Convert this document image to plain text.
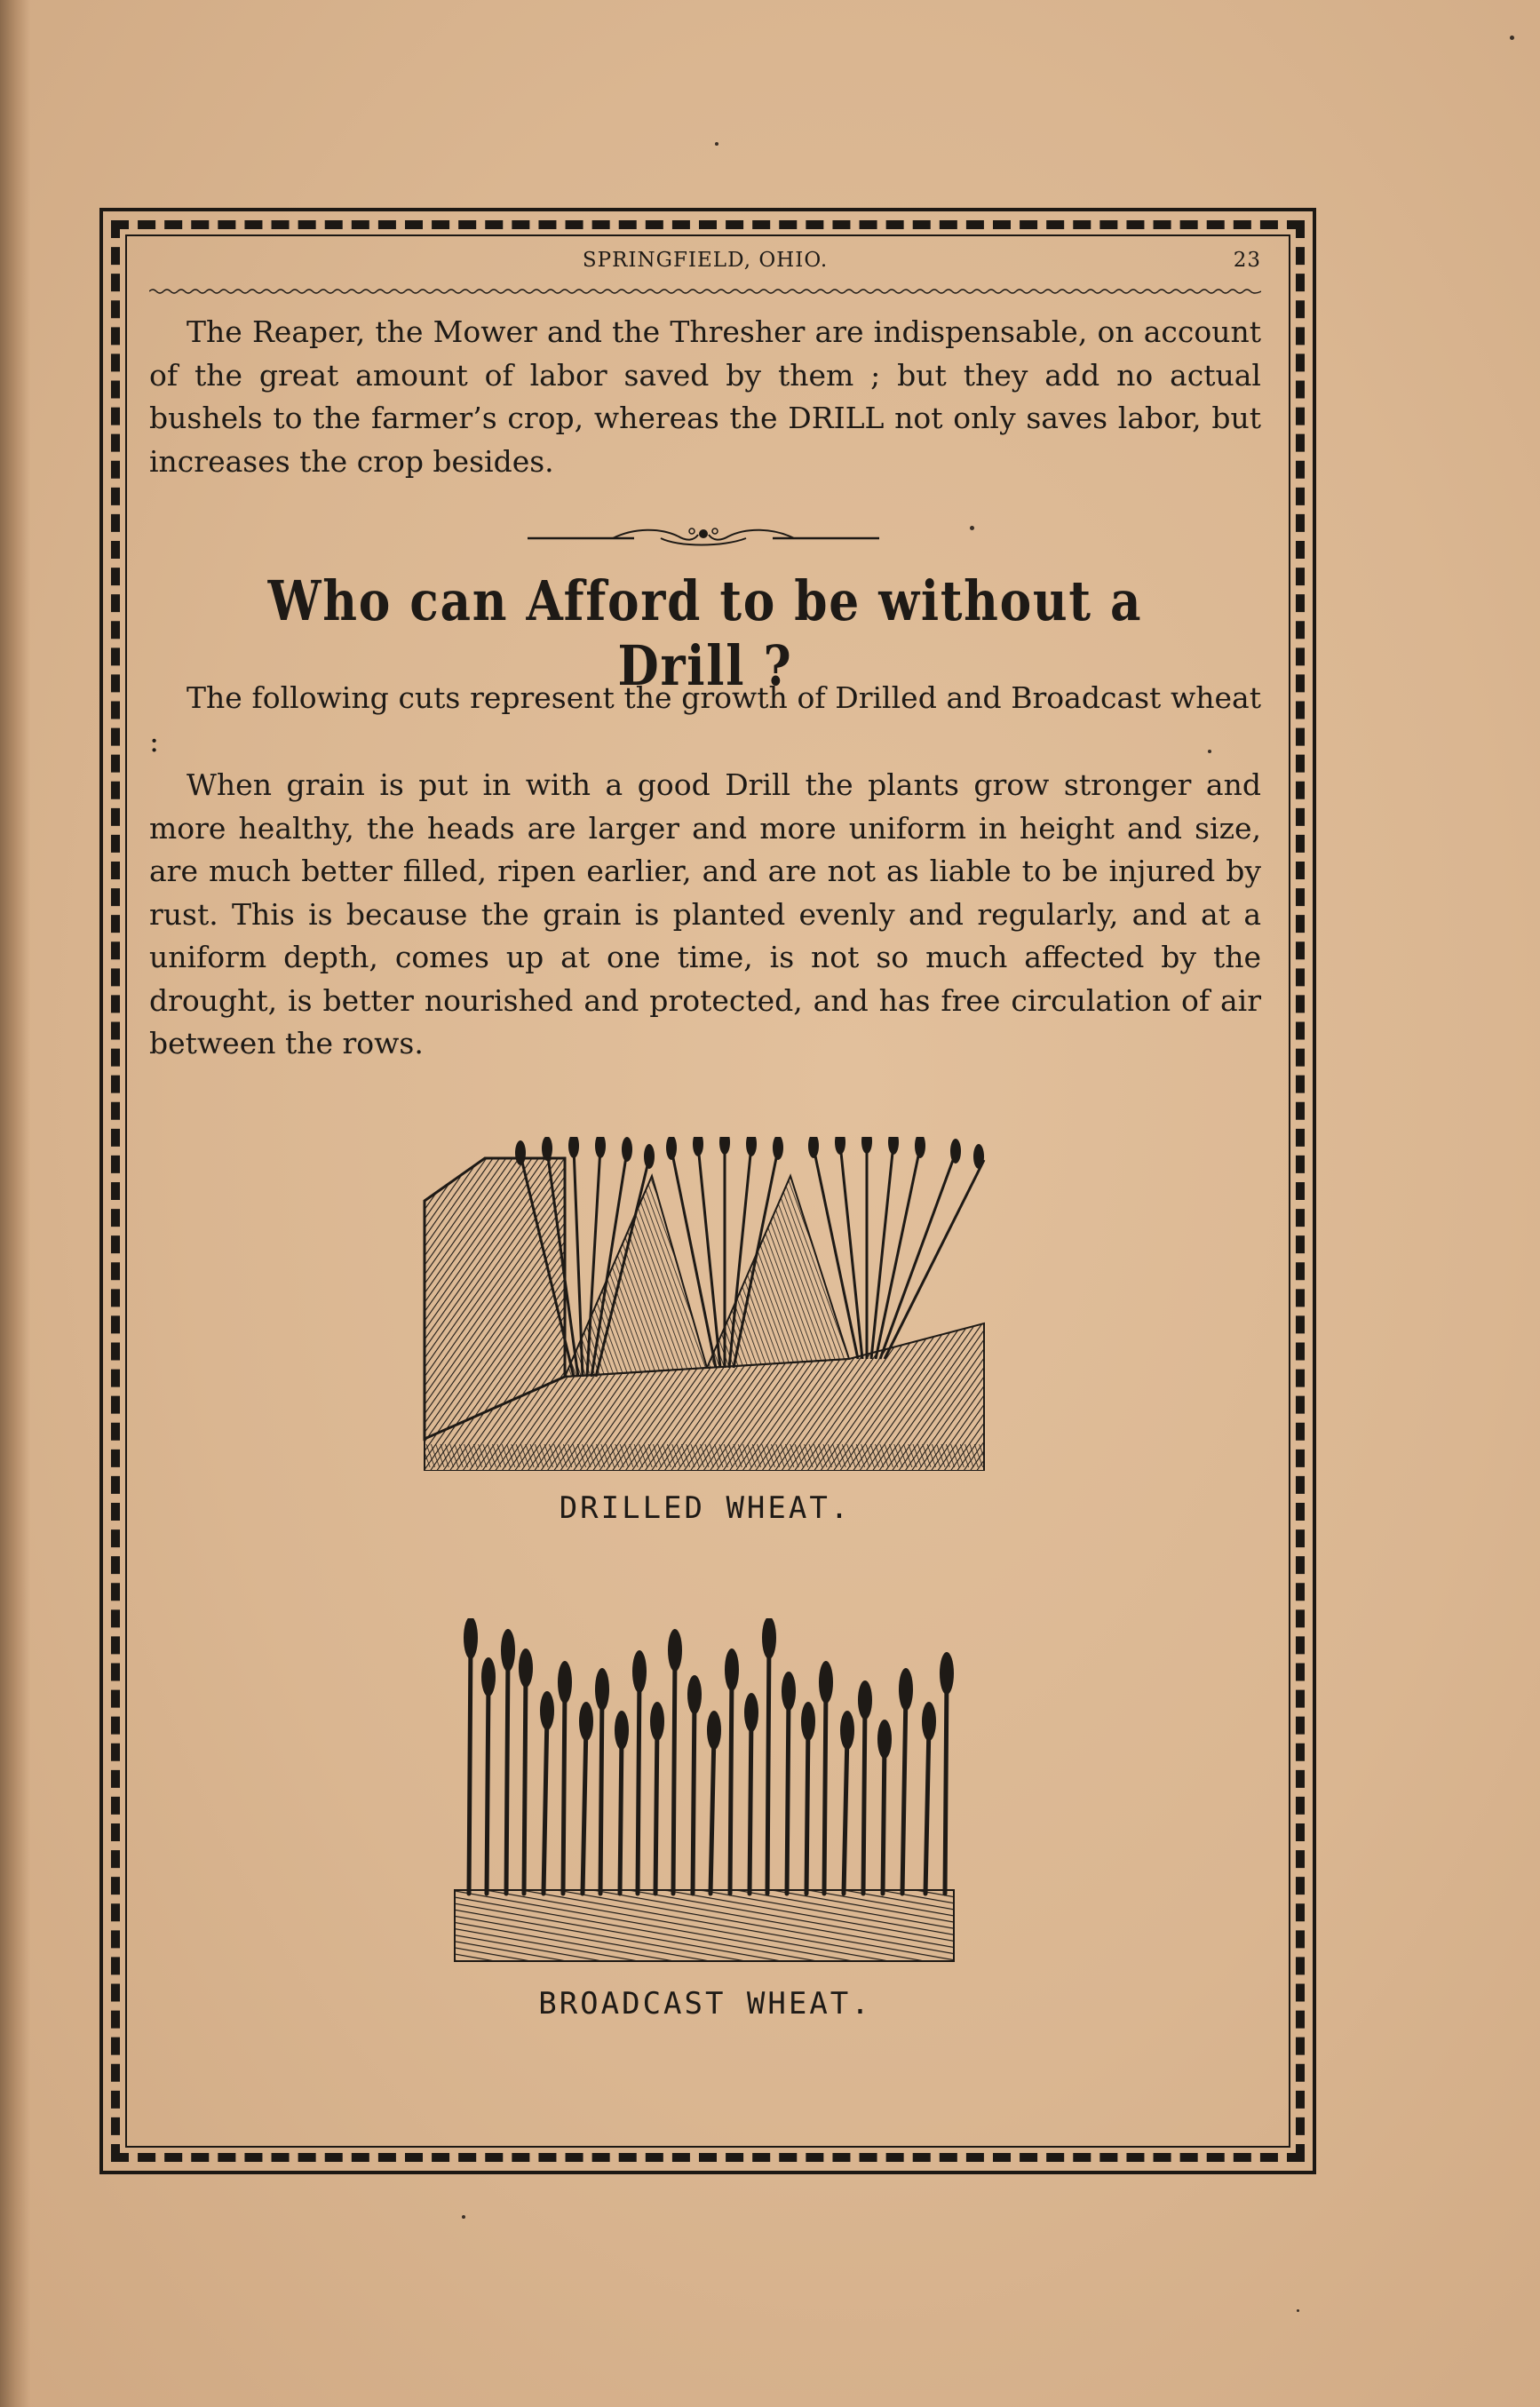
SPRINGFIELD, OHIO.	23

The Reaper, the Mower and the Thresher are indispensable, on account of the great amount of labor saved by them ; but they add no actual bushels to the farmer’s crop, whereas the DRILL not only saves labor, but increases the crop besides.

Who can Afford to be without a Drill ?

The following cuts represent the growth of Drilled and Broadcast wheat :

When grain is put in with a good Drill the plants grow stronger and more healthy, the heads are larger and more uniform in height and size, are much better filled, ripen earlier, and are not as liable to be injured by rust. This is because the grain is planted evenly and regularly, and at a uniform depth, comes up at one time, is not so much affected by the drought, is better nourished and protected, and has free circulation of air between the rows.

DRILLED WHEAT.
BROADCAST WHEAT.
